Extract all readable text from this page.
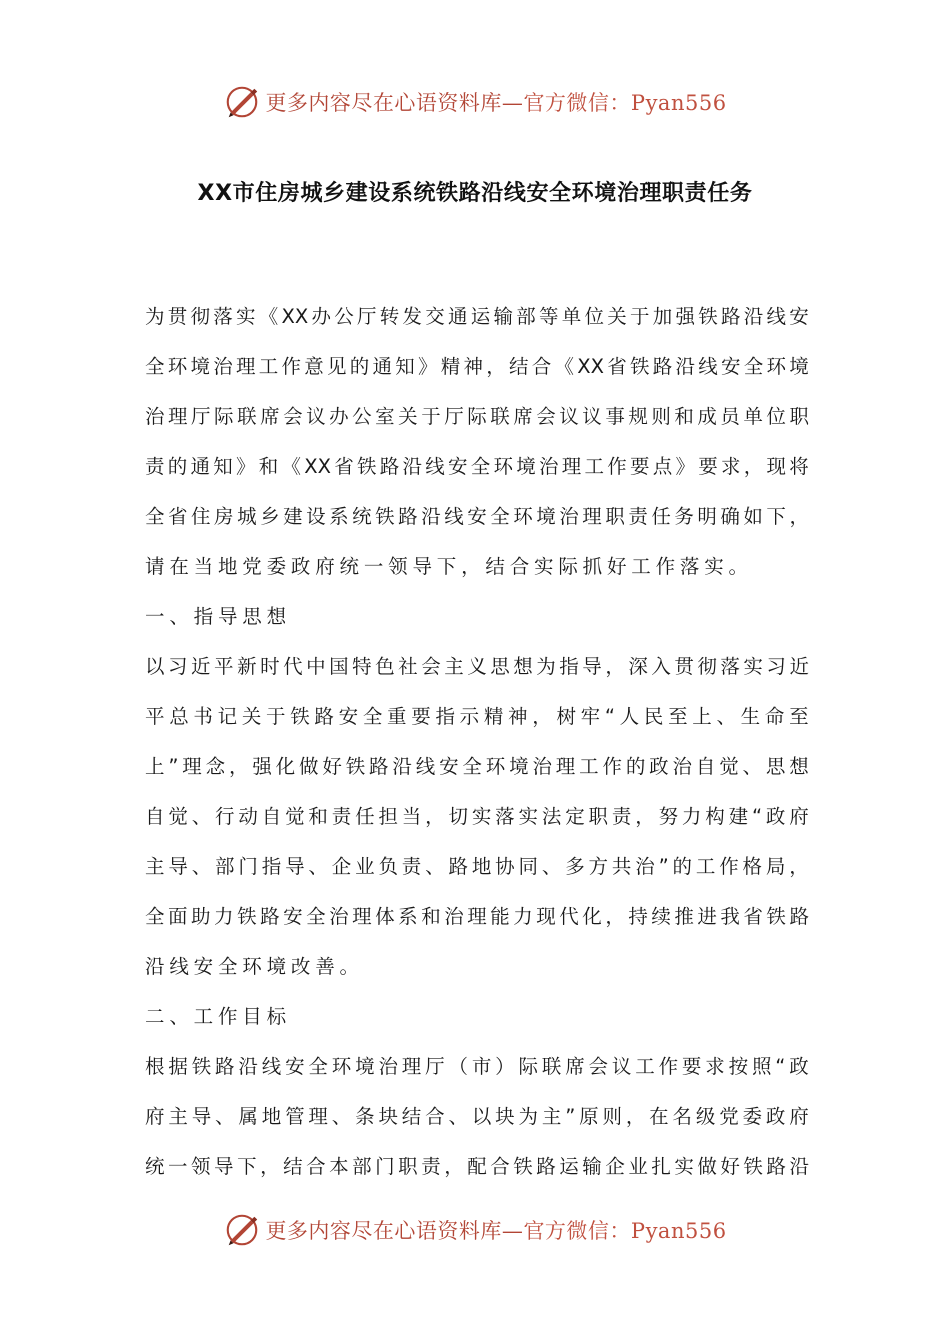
更多内容尽在心语资料库—官方微信：Pyan556
XX市住房城乡建设系统铁路沿线安全环境治理职责任务
为 贯 彻 落 实 《 XX 办 公 厅 转 发 交 通 运 输 部 等 单 位 关 于 加 强 铁 路 沿 线 安
全 环 境 治 理 工 作 意 见 的 通 知 》 精 神 ， 结 合 《 XX 省 铁 路 沿 线 安 全 环 境
治 理 厅 际 联 席 会 议 办 公 室 关 于 厅 际 联 席 会 议 议 事 规 则 和 成 员 单 位 职
责 的 通 知 》 和 《 XX 省 铁 路 沿 线 安 全 环 境 治 理 工 作 要 点 》 要 求 ， 现 将
全 省 住 房 城 乡 建 设 系 统 铁 路 沿 线 安 全 环 境 治 理 职 责 任 务 明 确 如 下 ，
请 在 当 地 党 委 政 府 统 一 领 导 下 ， 结 合 实 际 抓 好 工 作 落 实 。
一 、 指 导 思 想
以 习 近 平 新 时 代 中 国 特 色 社 会 主 义 思 想 为 指 导 ， 深 入 贯 彻 落 实 习 近
平 总 书 记 关 于 铁 路 安 全 重 要 指 示 精 神 ， 树 牢 “ 人 民 至 上 、 生 命 至
上 ” 理 念 ， 强 化 做 好 铁 路 沿 线 安 全 环 境 治 理 工 作 的 政 治 自 觉 、 思 想
自 觉 、 行 动 自 觉 和 责 任 担 当 ， 切 实 落 实 法 定 职 责 ， 努 力 构 建 “ 政 府
主 导 、 部 门 指 导 、 企 业 负 责 、 路 地 协 同 、 多 方 共 治 ” 的 工 作 格 局 ，
全 面 助 力 铁 路 安 全 治 理 体 系 和 治 理 能 力 现 代 化 ， 持 续 推 进 我 省 铁 路
沿 线 安 全 环 境 改 善 。
二 、 工 作 目 标
根 据 铁 路 沿 线 安 全 环 境 治 理 厅 （ 市 ） 际 联 席 会 议 工 作 要 求 按 照 “ 政
府 主 导 、 属 地 管 理 、 条 块 结 合 、 以 块 为 主 ” 原 则 ， 在 名 级 党 委 政 府
统 一 领 导 下 ， 结 合 本 部 门 职 责 ， 配 合 铁 路 运 输 企 业 扎 实 做 好 铁 路 沿
更多内容尽在心语资料库—官方微信：Pyan556
